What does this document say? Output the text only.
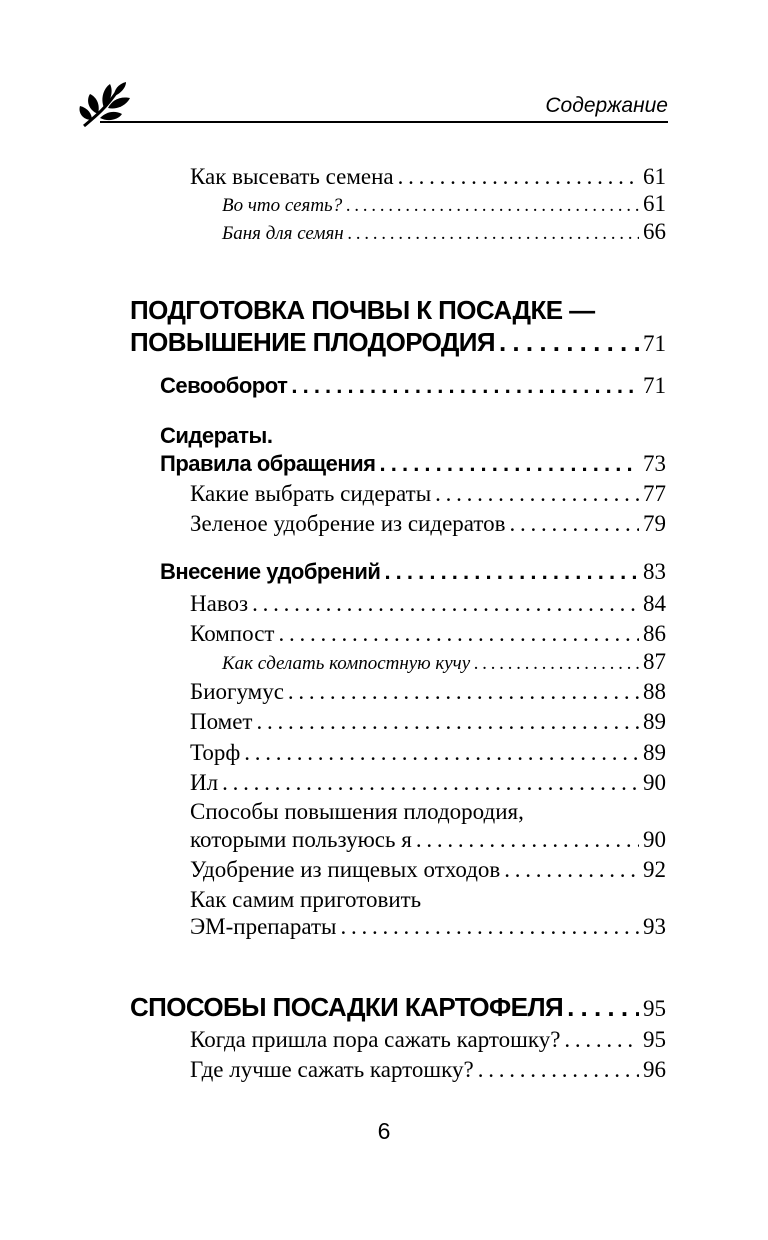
Содержание
Как высевать семена . . .	61
Во что сеять? . . .	61
Баня для семян . . .	66
ПОДГОТОВКА ПОЧВЫ К ПОСАДКЕ —
ПОВЫШЕНИЕ ПЛОДОРОДИЯ . . .	71
Севооборот . . .	71
Сидераты.
Правила обращения . . .	73
Какие выбрать сидераты . . .	77
Зеленое удобрение из сидератов . . .	79
Внесение удобрений . . .	83
Навоз . . .	84
Компост . . .	86
Как сделать компостную кучу . . .	87
Биогумус . . .	88
Помет . . .	89
Торф . . .	89
Ил . . .	90
Способы повышения плодородия,
которыми пользуюсь я . . .	90
Удобрение из пищевых отходов . . .	92
Как самим приготовить
ЭМ-препараты . . .	93
СПОСОБЫ ПОСАДКИ КАРТОФЕЛЯ . . .	95
Когда пришла пора сажать картошку? . . .	95
Где лучше сажать картошку? . . .	96
6
